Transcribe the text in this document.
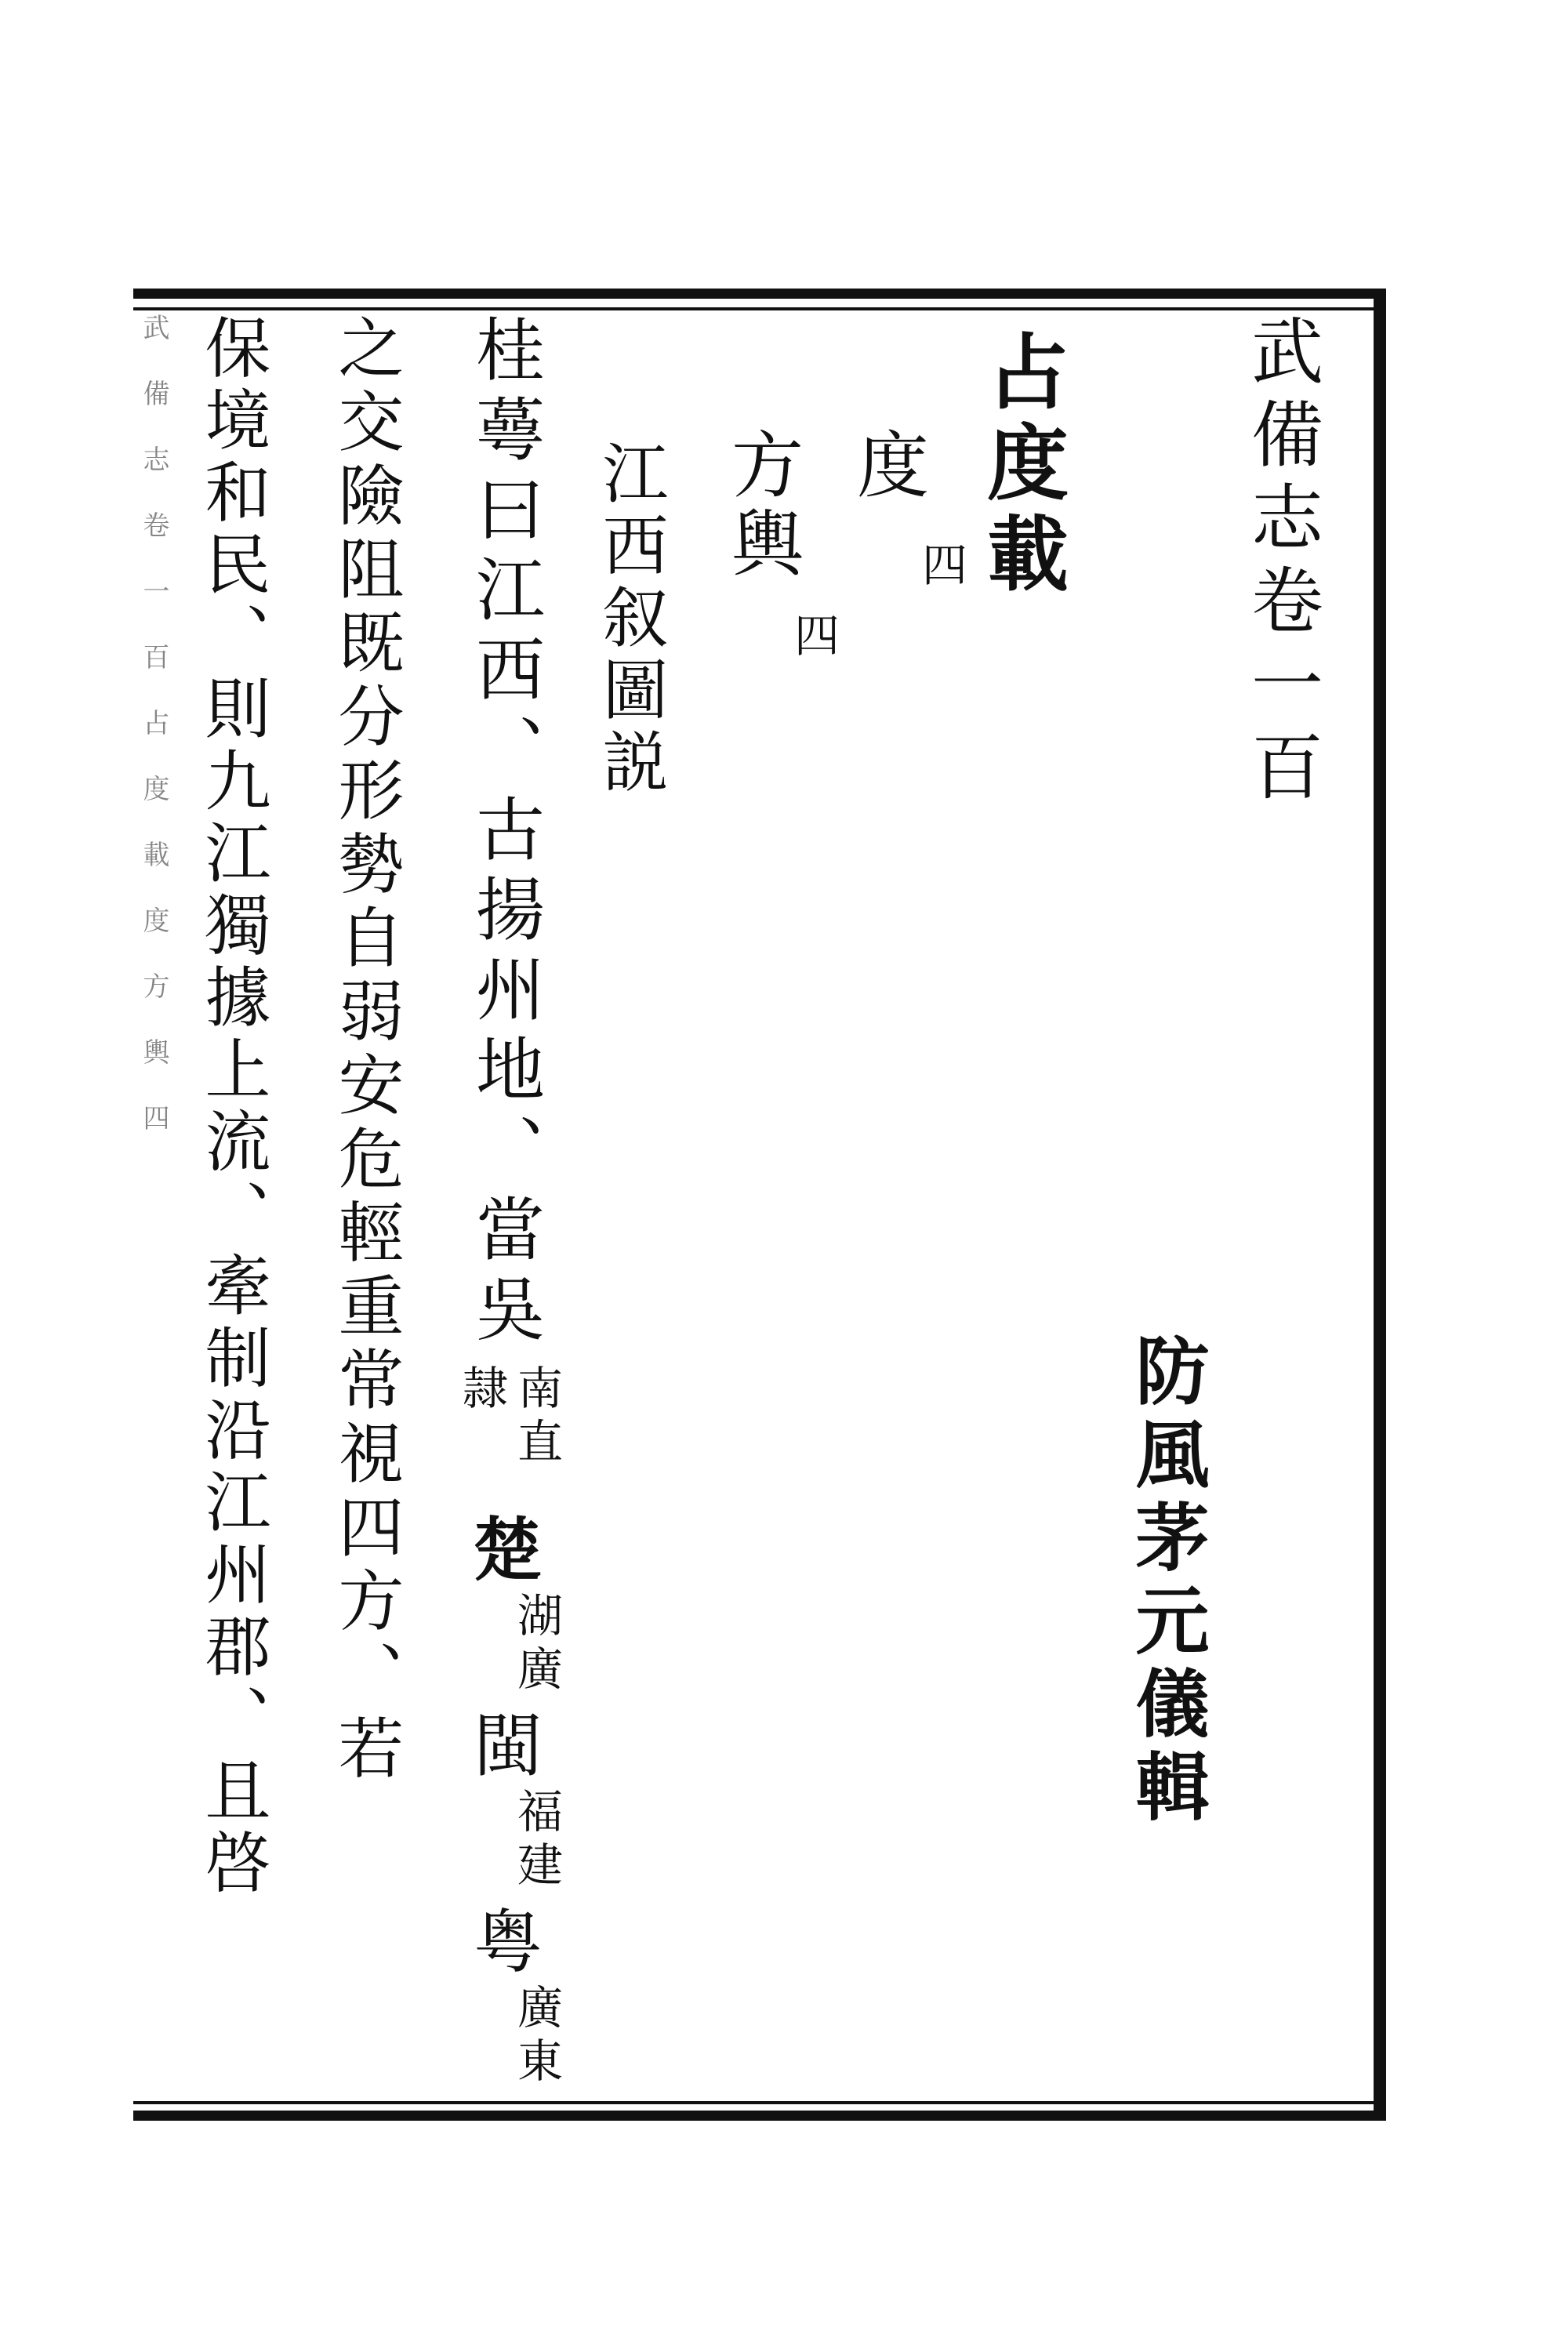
武備志卷一百
防風茅元儀輯
占度載
度
四
方輿
四
江西叙圖説
桂蕚曰江西、古揚州地、當吳
南直
隷
楚
湖廣
閩
福建
粤
廣東
之交險阻既分形勢自弱安危輕重常視四方、若
保境和民、則九江獨據上流、牽制沿江州郡、且啓
武備志卷一百占度載度方輿四
